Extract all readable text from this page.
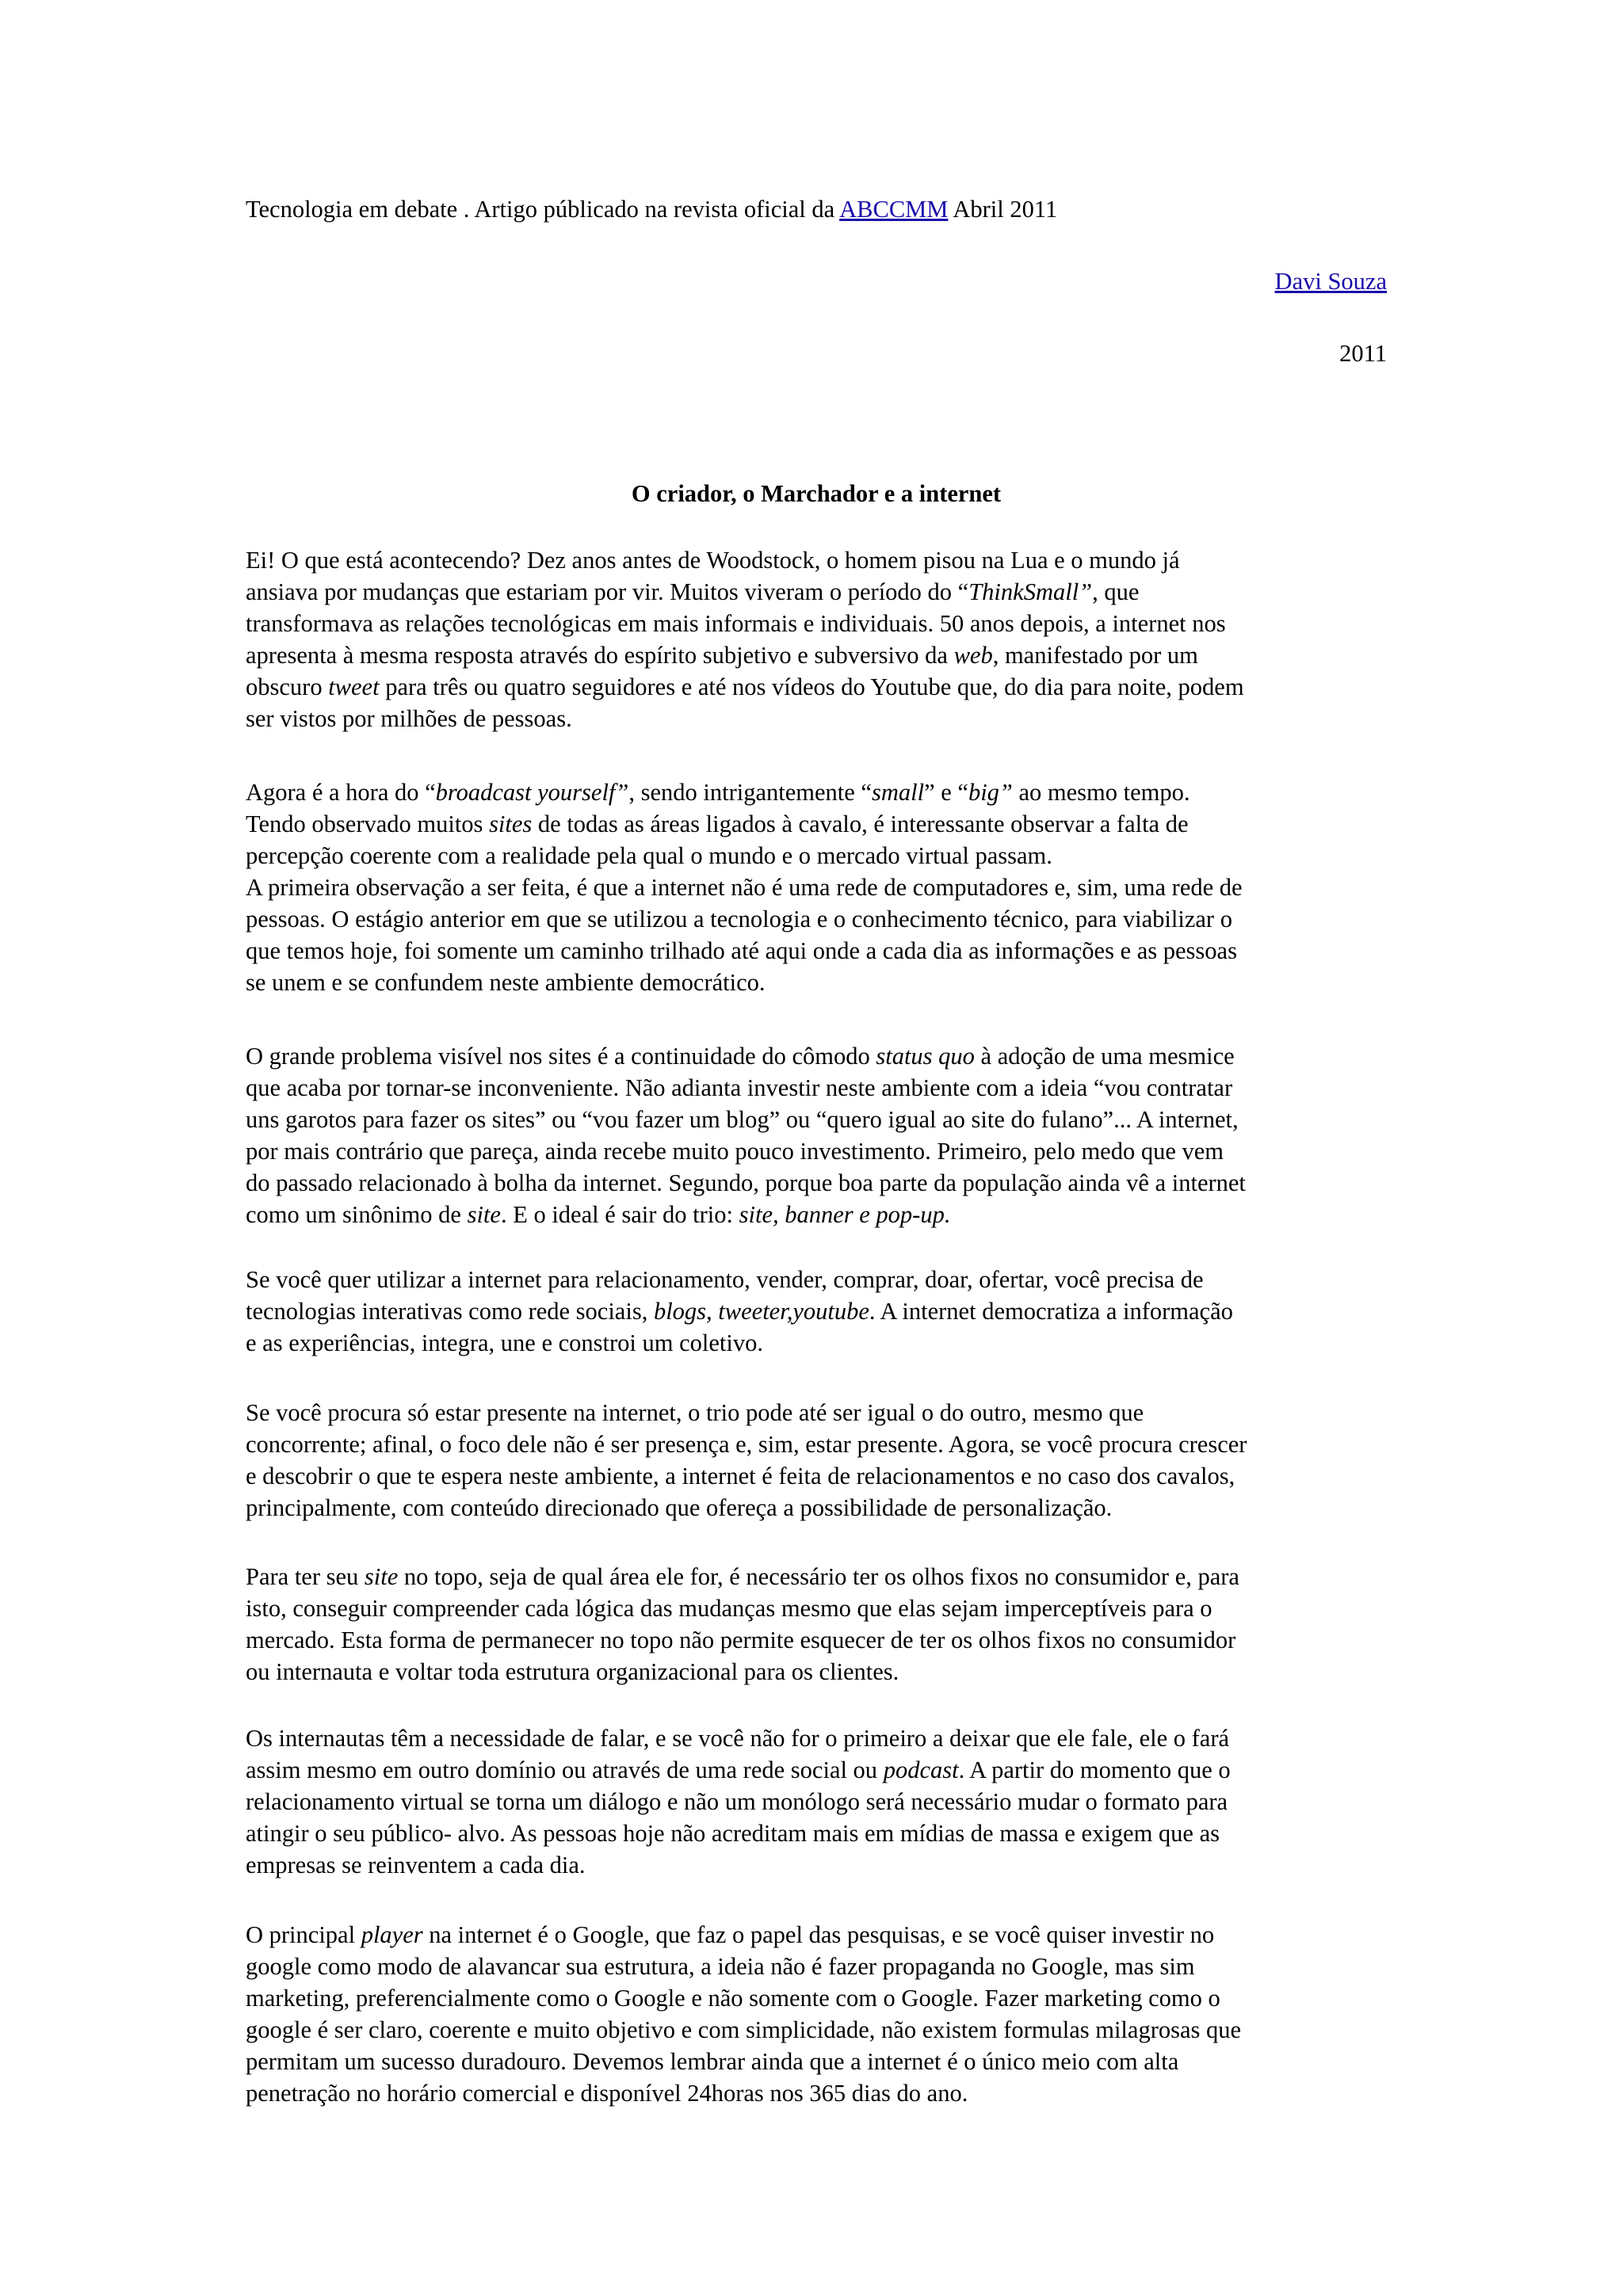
Tecnologia em debate . Artigo públicado na revista oficial da ABCCMM Abril 2011
Davi Souza
2011
O criador, o Marchador e a internet
Ei! O que está acontecendo? Dez anos antes de Woodstock, o homem pisou na Lua e o mundo já
ansiava por mudanças que estariam por vir. Muitos viveram o período do “ThinkSmall”, que
transformava as relações tecnológicas em mais informais e individuais. 50 anos depois, a internet nos
apresenta à mesma resposta através do espírito subjetivo e subversivo da web, manifestado por um
obscuro tweet para três ou quatro seguidores e até nos vídeos do Youtube que, do dia para noite, podem
ser vistos por milhões de pessoas.
Agora é a hora do “broadcast yourself”, sendo intrigantemente “small” e “big” ao mesmo tempo.
Tendo observado muitos sites de todas as áreas ligados à cavalo, é interessante observar a falta de
percepção coerente com a realidade pela qual o mundo e o mercado virtual passam.
A primeira observação a ser feita, é que a internet não é uma rede de computadores e, sim, uma rede de
pessoas. O estágio anterior em que se utilizou a tecnologia e o conhecimento técnico, para viabilizar o
que temos hoje, foi somente um caminho trilhado até aqui onde a cada dia as informações e as pessoas
se unem e se confundem neste ambiente democrático.
O grande problema visível nos sites é a continuidade do cômodo status quo à adoção de uma mesmice
que acaba por tornar-se inconveniente. Não adianta investir neste ambiente com a ideia “vou contratar
uns garotos para fazer os sites” ou “vou fazer um blog” ou “quero igual ao site do fulano”... A internet,
por mais contrário que pareça, ainda recebe muito pouco investimento. Primeiro, pelo medo que vem
do passado relacionado à bolha da internet. Segundo, porque boa parte da população ainda vê a internet
como um sinônimo de site. E o ideal é sair do trio: site, banner e pop-up.
Se você quer utilizar a internet para relacionamento, vender, comprar, doar, ofertar, você precisa de
tecnologias interativas como rede sociais, blogs, tweeter,youtube. A internet democratiza a informação
e as experiências, integra, une e constroi um coletivo.
Se você procura só estar presente na internet, o trio pode até ser igual o do outro, mesmo que
concorrente; afinal, o foco dele não é ser presença e, sim, estar presente. Agora, se você procura crescer
e descobrir o que te espera neste ambiente, a internet é feita de relacionamentos e no caso dos cavalos,
principalmente, com conteúdo direcionado que ofereça a possibilidade de personalização.
Para ter seu site no topo, seja de qual área ele for, é necessário ter os olhos fixos no consumidor e, para
isto, conseguir compreender cada lógica das mudanças mesmo que elas sejam imperceptíveis para o
mercado. Esta forma de permanecer no topo não permite esquecer de ter os olhos fixos no consumidor
ou internauta e voltar toda estrutura organizacional para os clientes.
Os internautas têm a necessidade de falar, e se você não for o primeiro a deixar que ele fale, ele o fará
assim mesmo em outro domínio ou através de uma rede social ou podcast. A partir do momento que o
relacionamento virtual se torna um diálogo e não um monólogo será necessário mudar o formato para
atingir o seu público- alvo. As pessoas hoje não acreditam mais em mídias de massa e exigem que as
empresas se reinventem a cada dia.
O principal player na internet é o Google, que faz o papel das pesquisas, e se você quiser investir no
google como modo de alavancar sua estrutura, a ideia não é fazer propaganda no Google, mas sim
marketing, preferencialmente como o Google e não somente com o Google. Fazer marketing como o
google é ser claro, coerente e muito objetivo e com simplicidade, não existem formulas milagrosas que
permitam um sucesso duradouro. Devemos lembrar ainda que a internet é o único meio com alta
penetração no horário comercial e disponível 24horas nos 365 dias do ano.
